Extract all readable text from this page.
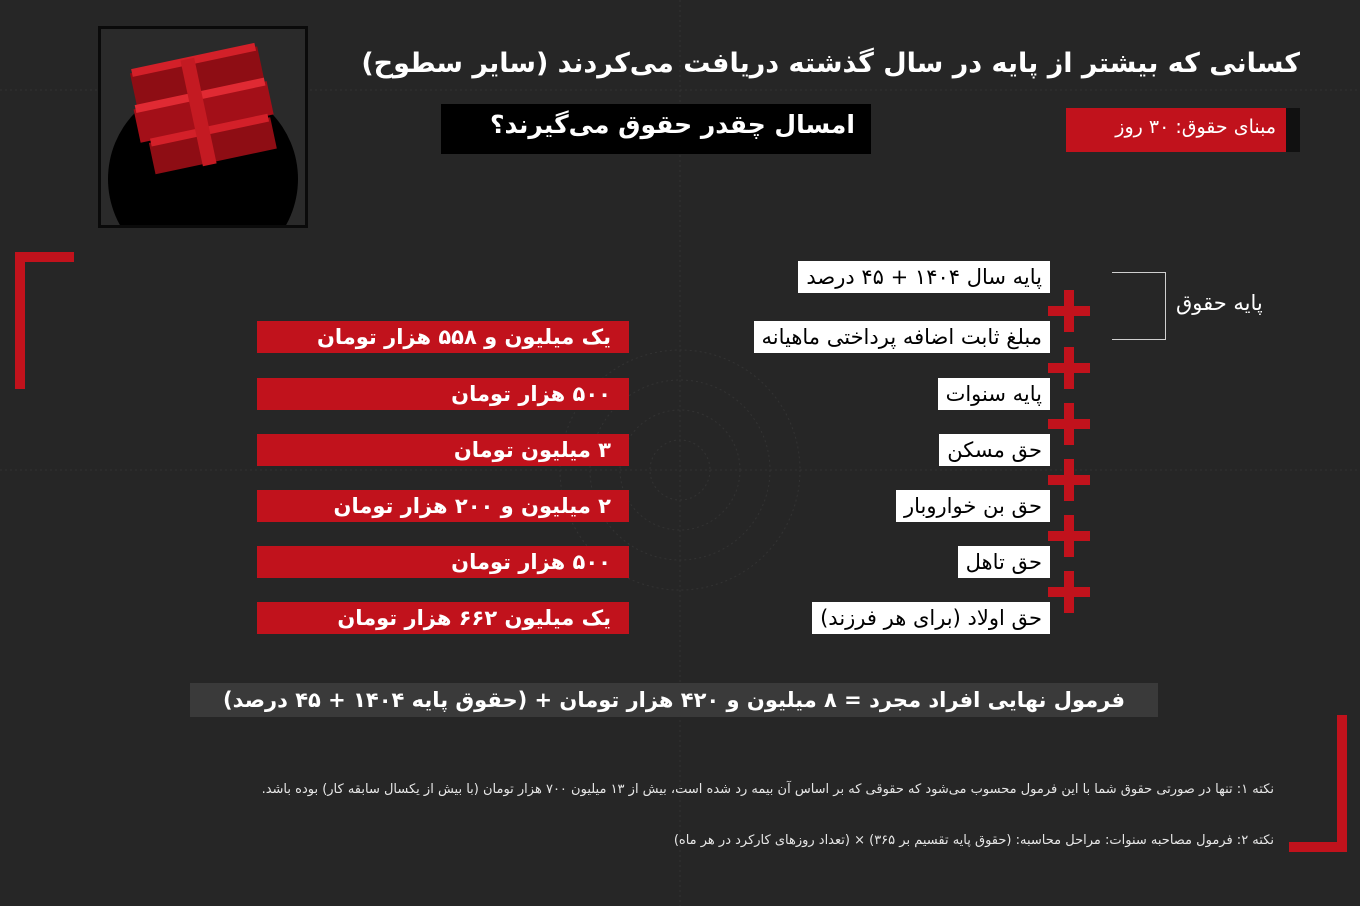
کسانی که بیشتر از پایه در سال گذشته دریافت می‌کردند (سایر سطوح)
امسال چقدر حقوق می‌گیرند؟	مبنای حقوق: ۳۰ روز
پایه حقوق
پایه سال ۱۴۰۴ + ۴۵ درصد
مبلغ ثابت اضافه پرداختی ماهیانه
یک میلیون و ۵۵۸ هزار تومان
پایه سنوات
۵۰۰ هزار تومان
حق مسکن
۳ میلیون تومان
حق بن خواروبار
۲ میلیون و ۲۰۰ هزار تومان
حق تاهل
۵۰۰ هزار تومان
حق اولاد (برای هر فرزند)
یک میلیون ۶۶۲ هزار تومان
فرمول نهایی افراد مجرد = ۸ میلیون و ۴۲۰ هزار تومان + (حقوق پایه ۱۴۰۴ + ۴۵ درصد)
نکته ۱: تنها در صورتی حقوق شما با این فرمول محسوب می‌شود که حقوقی که بر اساس آن بیمه رد شده است، بیش از ۱۳ میلیون ۷۰۰ هزار تومان (با بیش از یکسال سابقه کار) بوده باشد.
نکته ۲: فرمول مصاحبه سنوات: مراحل محاسبه: (حقوق پایه تقسیم بر ۳۶۵) × (تعداد روزهای کارکرد در هر ماه)
